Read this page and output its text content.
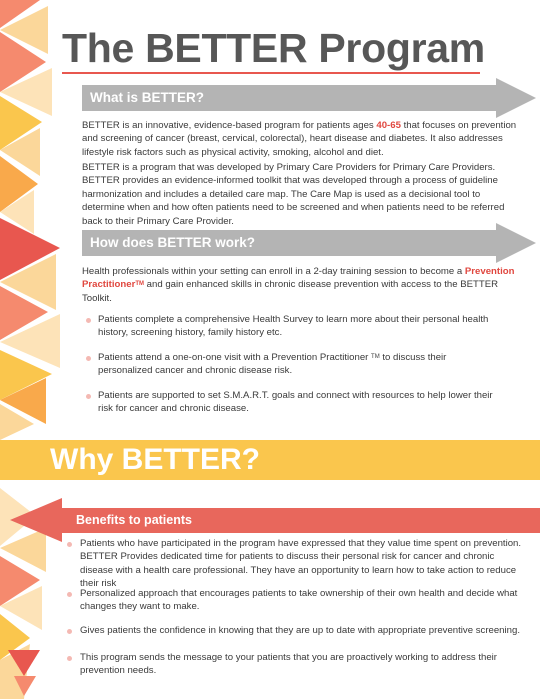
The BETTER Program
What is BETTER?

BETTER is an innovative, evidence-based program for patients ages 40-65 that focuses on prevention and screening of cancer (breast, cervical, colorectal), heart disease and diabetes. It also addresses lifestyle risk factors such as physical activity, smoking, alcohol and diet.

BETTER is a program that was developed by Primary Care Providers for Primary Care Providers. BETTER provides an evidence-informed toolkit that was developed through a process of guideline harmonization and includes a detailed care map. The Care Map is used as a decisional tool to determine when and how often patients need to be screened and when patients need to be referred back to their Primary Care Provider.

How does BETTER work?

Health professionals within your setting can enroll in a 2-day training session to become a Prevention Practitioner™ and gain enhanced skills in chronic disease prevention with access to the BETTER Toolkit.

Patients complete a comprehensive Health Survey to learn more about their personal health history, screening history, family history etc.

Patients attend a one-on-one visit with a Prevention Practitioner ™ to discuss their personalized cancer and chronic disease risk.

Patients are supported to set S.M.A.R.T. goals and connect with resources to help lower their risk for cancer and chronic disease.

Why BETTER?
Benefits to patients

Patients who have participated in the program have expressed that they value time spent on prevention. BETTER Provides dedicated time for patients to discuss their personal risk for cancer and chronic disease with a health care professional. They have an opportunity to learn how to take action to reduce their risk

Personalized approach that encourages patients to take ownership of their own health and decide what changes they want to make.

Gives patients the confidence in knowing that they are up to date with appropriate preventive screening.

This program sends the message to your patients that you are proactively working to address their prevention needs.
